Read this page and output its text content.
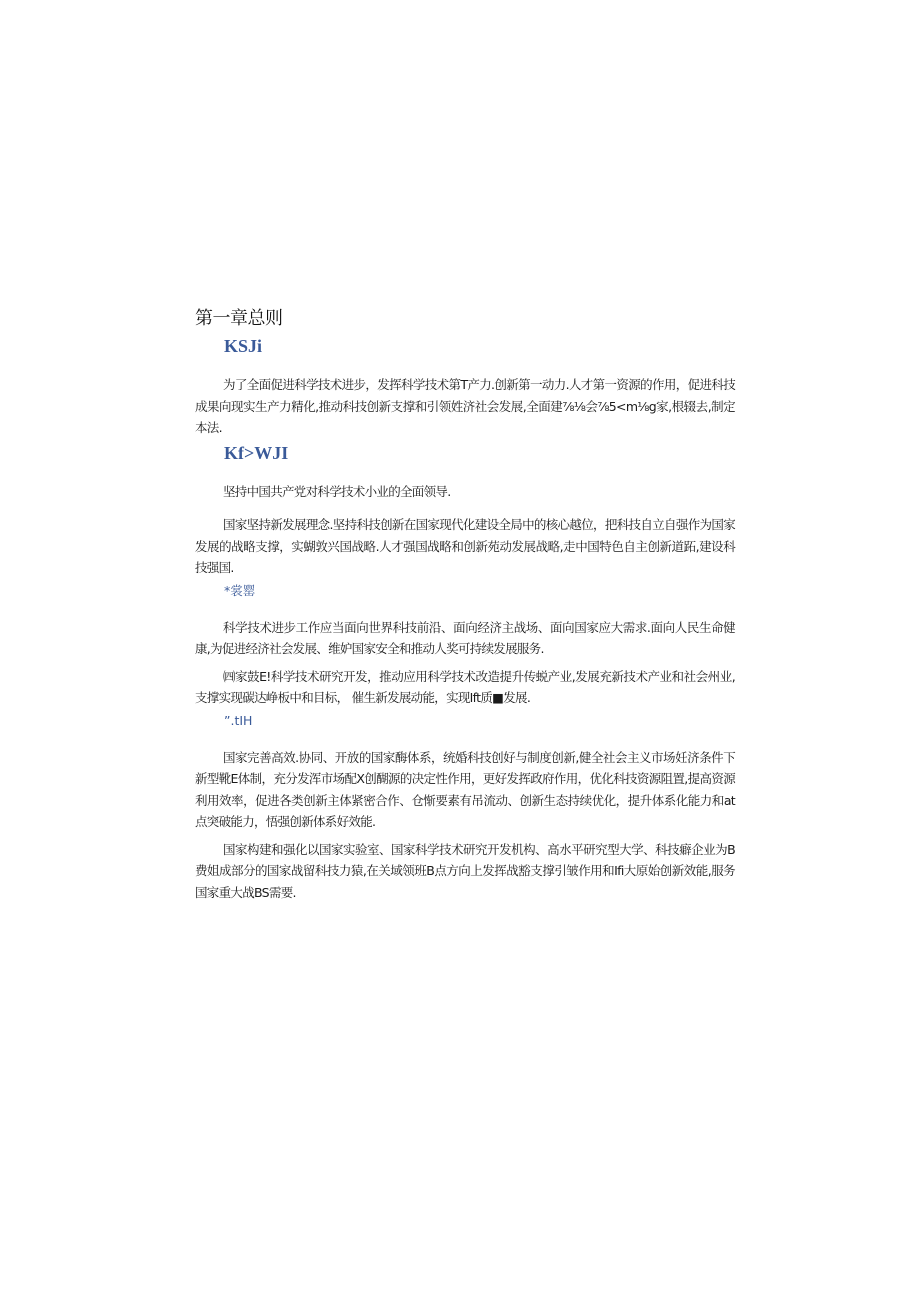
第一章总则
KSJi

为了全面促进科学技术进步，发挥科学技术第T产力.创新第一动力.人才第一资源的作用，促进科技成果向现实生产力精化,推动科技创新支撑和引领姓济社会发展,全面建⅞⅛会⅞5<m⅛g家,根辍去,制定本法.

Kf>WJI

坚持中国共产党对科学技术小业的全面领导.

国家坚持新发展理念.坚持科技创新在国家现代化建设全局中的核心越位，把科技自立自强作为国家发展的战略支撑，实蝴敦兴国战略.人才强国战略和创新苑动发展战略,走中国特色自主创新道跖,建设科技强国.

*裳罂

科学技术进步工作应当面向世界科技前沿、面向经济主战场、面向国家应大需求.面向人民生命健康,为促进经济社会发展、维妒国家安全和推动人奖可持续发展服务.

㈣家鼓E!科学技术研究开发，推动应用科学技术改造提升传蜕产业,发展充新技术产业和社会州业,支撑实现碳达峥板中和目标， 催生新发展动能，实现Ift质■发展.

”.tIH

国家完善高效.协同、开放的国家酶体系，统婚科技创好与制度创新,健全社会主义市场妊济条件下新型靴E体制，充分发浑市场配X创醐源的决定性作用，更好发挥政府作用，优化科技资源阻置,提高资源利用效率，促进各类创新主体紧密合作、仓惭要素有吊流动、创新生态持续优化，提升体系化能力和at点突破能力，悟强创新体系好效能.

国家构建和强化以国家实验室、国家科学技术研究开发机构、高水平研究型大学、科技癖企业为B费姐成部分的国家战留科技力猿,在关域领班B点方向上发挥战豁支撑引皱作用和Ifi大原始创新效能,服务国家重大战BS需要.
